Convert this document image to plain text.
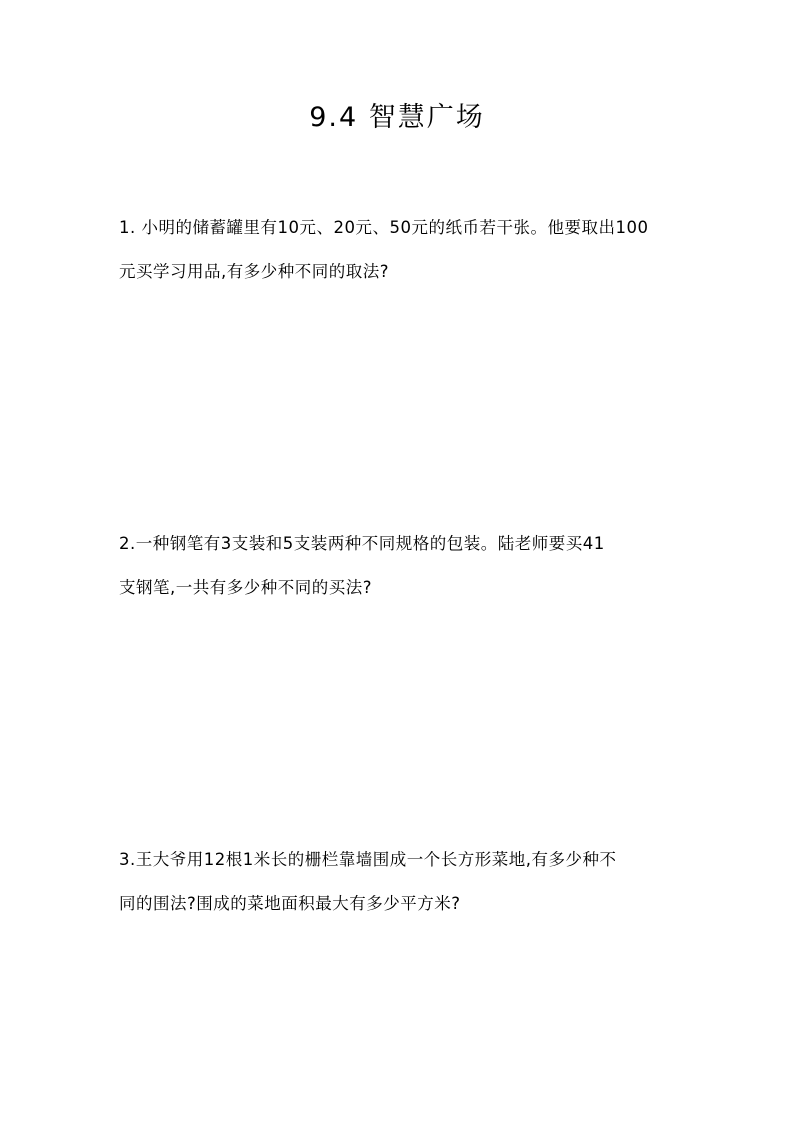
9.4 智慧广场
1. 小明的储蓄罐里有10元、20元、50元的纸币若干张。他要取出100
元买学习用品,有多少种不同的取法?
2.一种钢笔有3支装和5支装两种不同规格的包装。陆老师要买41
支钢笔,一共有多少种不同的买法?
3.王大爷用12根1米长的栅栏靠墙围成一个长方形菜地,有多少种不
同的围法?围成的菜地面积最大有多少平方米?
